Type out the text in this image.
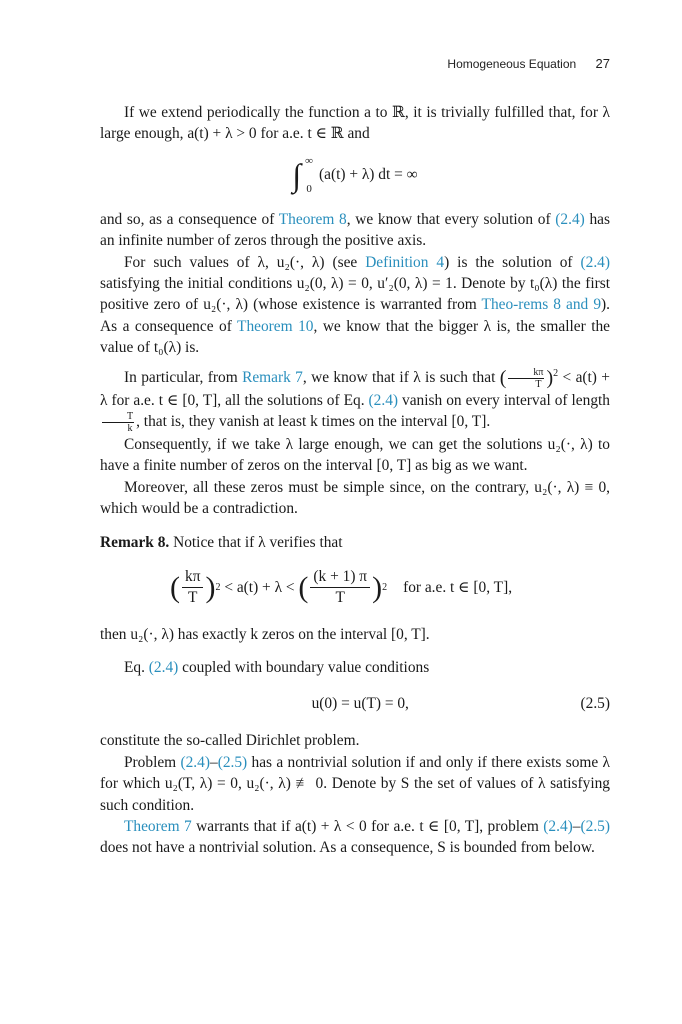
Homogeneous Equation 27

If we extend periodically the function a to ℝ, it is trivially fulfilled that, for λ large enough, a(t) + λ > 0 for a.e. t ∈ ℝ and

∫ ∞
0
(a(t) + λ) dt = ∞

and so, as a consequence of Theorem 8, we know that every solution of (2.4) has an infinite number of zeros through the positive axis.

For such values of λ, u₂(·, λ) (see Definition 4) is the solution of (2.4) satisfying the initial conditions u₂(0, λ) = 0, u′₂(0, λ) = 1. Denote by t₀(λ) the first positive zero of u₂(·, λ) (whose existence is warranted from Theo-rems 8 and 9). As a consequence of Theorem 10, we know that the bigger λ is, the smaller the value of t₀(λ) is.

In particular, from Remark 7, we know that if λ is such that ( $\frac{k\pi}{T} )^2 < a(t) + \lambda$ for a.e. t ∈ [0, T], all the solutions of Eq. (2.4) vanish on every interval of length
$\frac{T}{k}$ , that is, they vanish at least k times on the interval [0, T].

Consequently, if we take λ large enough, we can get the solutions u₂(·, λ) to have a finite number of zeros on the interval [0, T] as big as we want.

Moreover, all these zeros must be simple since, on the contrary, u₂(·, λ) ≡ 0, which would be a contradiction.

Remark 8. Notice that if λ verifies that

( $\frac{k\pi}{T}$ ) 2 < a(t) + λ < ( $\frac{(k + 1) \pi}{T}$ ) 2 for a.e. t ∈ [0, T],

then u₂(·, λ) has exactly k zeros on the interval [0, T].

Eq. (2.4) coupled with boundary value conditions

u(0) = u(T) = 0,	(2.5)

constitute the so-called Dirichlet problem.

Problem (2.4)–(2.5) has a nontrivial solution if and only if there exists some λ for which u₂(T, λ) = 0, u₂(·, λ) ≢ 0. Denote by S the set of values of λ satisfying such condition.

Theorem 7 warrants that if a(t) + λ < 0 for a.e. t ∈ [0, T], problem (2.4)–(2.5) does not have a nontrivial solution. As a consequence, S is bounded from below.
